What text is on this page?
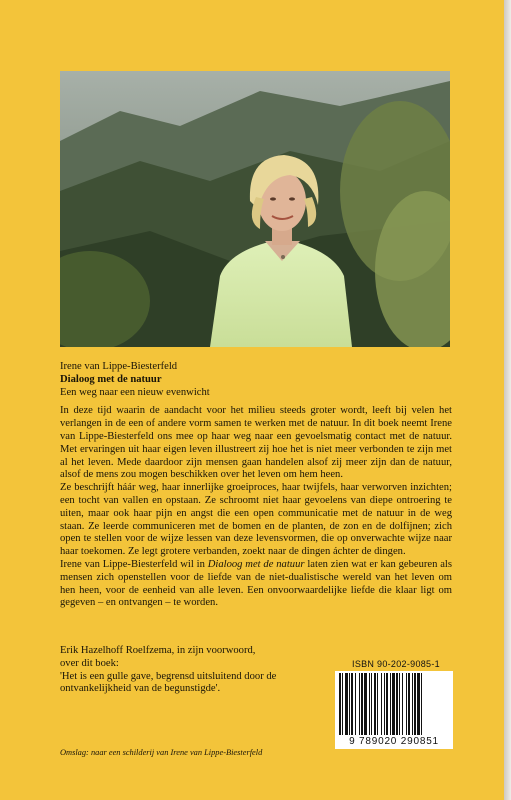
Irene van Lippe-Biesterfeld

Dialoog met de natuur

Een weg naar een nieuw evenwicht

In deze tijd waarin de aandacht voor het milieu steeds groter wordt, leeft bij velen het verlangen in de een of andere vorm samen te werken met de natuur. In dit boek neemt Irene van Lippe-Biesterfeld ons mee op haar weg naar een gevoelsmatig contact met de natuur. Met ervaringen uit haar eigen leven illustreert zij hoe het is niet meer verbonden te zijn met al het leven. Mede daardoor zijn mensen gaan handelen alsof zij meer zijn dan de natuur, alsof de mens zou mogen beschikken over het leven om hem heen.

Ze beschrijft háár weg, haar innerlijke groeiproces, haar twijfels, haar verworven inzichten; een tocht van vallen en opstaan. Ze schroomt niet haar gevoelens van diepe ontroering te uiten, maar ook haar pijn en angst die een open communicatie met de natuur in de weg staan. Ze leerde communiceren met de bomen en de planten, de zon en de dolfijnen; zich open te stellen voor de wijze lessen van deze levensvormen, die op onverwachte wijze naar haar toekomen. Ze legt grotere verbanden, zoekt naar de dingen áchter de dingen.

Irene van Lippe-Biesterfeld wil in Dialoog met de natuur laten zien wat er kan gebeuren als mensen zich openstellen voor de liefde van de niet-dualistische wereld van het leven om hen heen, voor de eenheid van alle leven. Een onvoorwaardelijke liefde die klaar ligt om gegeven – en ontvangen – te worden.

Erik Hazelhoff Roelfzema, in zijn voorwoord,

over dit boek:

'Het is een gulle gave, begrensd uitsluitend door de ontvankelijkheid van de begunstigde'.

ISBN 90-202-9085-1
9 789020 290851
Omslag: naar een schilderij van Irene van Lippe-Biesterfeld
